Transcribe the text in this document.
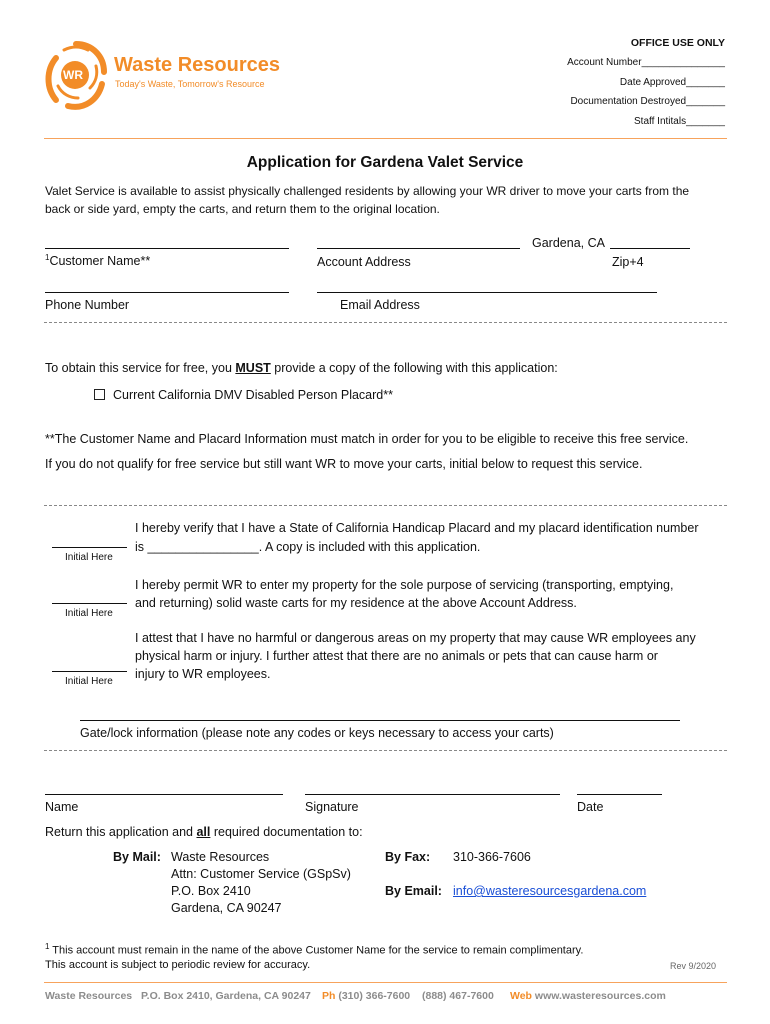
WR Waste Resources
Today's Waste, Tomorrow's Resource
OFFICE USE ONLY
Account Number_______________
Date Approved_______
Documentation Destroyed_______
Staff Intitals_______
Application for Gardena Valet Service
Valet Service is available to assist physically challenged residents by allowing your WR driver to move your carts from the
back or side yard, empty the carts, and return them to the original location.
$^1$Customer Name**	Account Address
Gardena, CA
Zip+4
Phone Number	Email Address
To obtain this service for free, you MUST provide a copy of the following with this application:
Current California DMV Disabled Person Placard**
**The Customer Name and Placard Information must match in order for you to be eligible to receive this free service.
If you do not qualify for free service but still want WR to move your carts, initial below to request this service.
Initial Here
I hereby verify that I have a State of California Handicap Placard and my placard identification number
is ________________. A copy is included with this application.
Initial Here
I hereby permit WR to enter my property for the sole purpose of servicing (transporting, emptying,
and returning) solid waste carts for my residence at the above Account Address.
Initial Here
I attest that I have no harmful or dangerous areas on my property that may cause WR employees any
physical harm or injury. I further attest that there are no animals or pets that can cause harm or
injury to WR employees.
Gate/lock information (please note any codes or keys necessary to access your carts)
Name	Signature	Date
Return this application and all required documentation to:
By Mail: Waste Resources
Attn: Customer Service (GSpSv)
P.O. Box 2410
Gardena, CA 90247
By Fax: 310-366-7606
By Email: info@wasteresourcesgardena.com
$^1$ This account must remain in the name of the above Customer Name for the service to remain complimentary.
This account is subject to periodic review for accuracy.	Rev 9/2020
Waste Resources P.O. Box 2410, Gardena, CA 90247 Ph (310) 366-7600 (888) 467-7600 Web www.wasteresources.com
